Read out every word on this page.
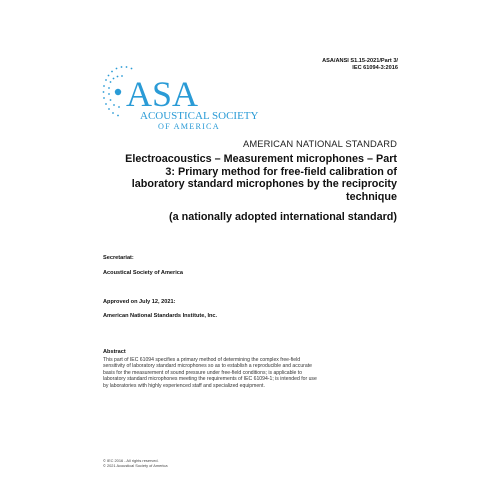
ASA/ANSI S1.15-2021/Part 3/
IEC 61094-3:2016
ASA
ACOUSTICAL SOCIETY
OF AMERICA
AMERICAN NATIONAL STANDARD
Electroacoustics – Measurement microphones – Part
3: Primary method for free-field calibration of
laboratory standard microphones by the reciprocity
technique
(a nationally adopted international standard)
Secretariat:
Acoustical Society of America
Approved on July 12, 2021:
American National Standards Institute, Inc.
Abstract
This part of IEC 61094 specifies a primary method of determining the complex free-field
sensitivity of laboratory standard microphones so as to establish a reproducible and accurate
basis for the measurement of sound pressure under free-field conditions; is applicable to
laboratory standard microphones meeting the requirements of IEC 61094-1; is intended for use
by laboratories with highly experienced staff and specialized equipment.
© IEC 2016 - All rights reserved.
© 2021 Acoustical Society of America
